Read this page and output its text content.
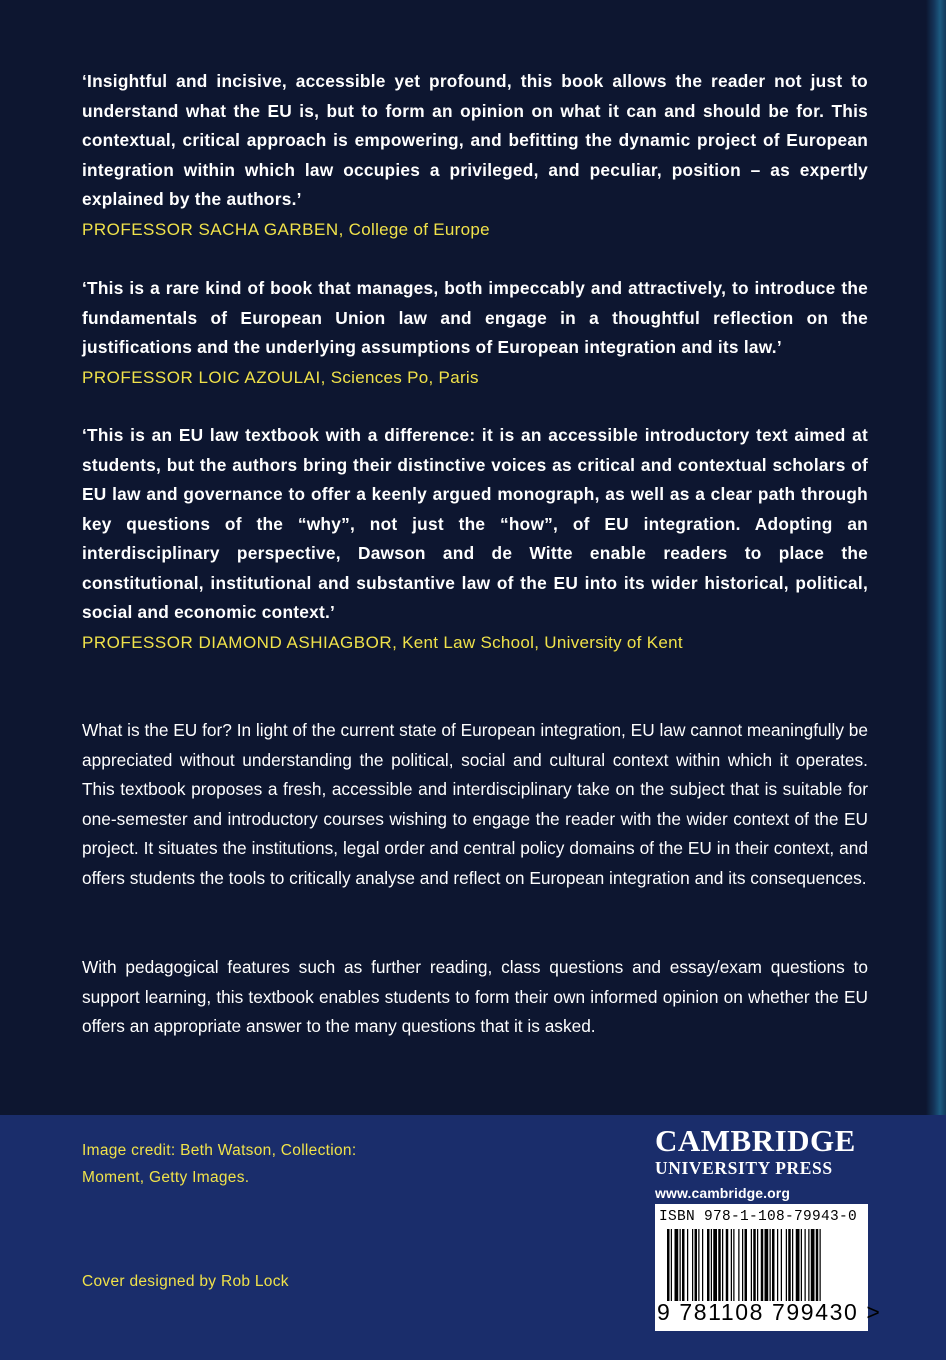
‘Insightful and incisive, accessible yet profound, this book allows the reader not just to understand what the EU is, but to form an opinion on what it can and should be for. This contextual, critical approach is empowering, and befitting the dynamic project of European integration within which law occupies a privileged, and peculiar, position – as expertly explained by the authors.’

PROFESSOR SACHA GARBEN, College of Europe

‘This is a rare kind of book that manages, both impeccably and attractively, to introduce the fundamentals of European Union law and engage in a thoughtful reflection on the justifications and the underlying assumptions of European integration and its law.’

PROFESSOR LOIC AZOULAI, Sciences Po, Paris

‘This is an EU law textbook with a difference: it is an accessible introductory text aimed at students, but the authors bring their distinctive voices as critical and contextual scholars of EU law and governance to offer a keenly argued monograph, as well as a clear path through key questions of the “why”, not just the “how”, of EU integration. Adopting an interdisciplinary perspective, Dawson and de Witte enable readers to place the constitutional, institutional and substantive law of the EU into its wider historical, political, social and economic context.’

PROFESSOR DIAMOND ASHIAGBOR, Kent Law School, University of Kent

What is the EU for? In light of the current state of European integration, EU law cannot meaningfully be appreciated without understanding the political, social and cultural context within which it operates. This textbook proposes a fresh, accessible and interdisciplinary take on the subject that is suitable for one-semester and introductory courses wishing to engage the reader with the wider context of the EU project. It situates the institutions, legal order and central policy domains of the EU in their context, and offers students the tools to critically analyse and reflect on European integration and its consequences.

With pedagogical features such as further reading, class questions and essay/exam questions to support learning, this textbook enables students to form their own informed opinion on whether the EU offers an appropriate answer to the many questions that it is asked.

Image credit: Beth Watson, Collection:
Moment, Getty Images.
Cover designed by Rob Lock
CAMBRIDGE
UNIVERSITY PRESS
www.cambridge.org
ISBN 978-1-108-79943-0
9 781108 799430 >
